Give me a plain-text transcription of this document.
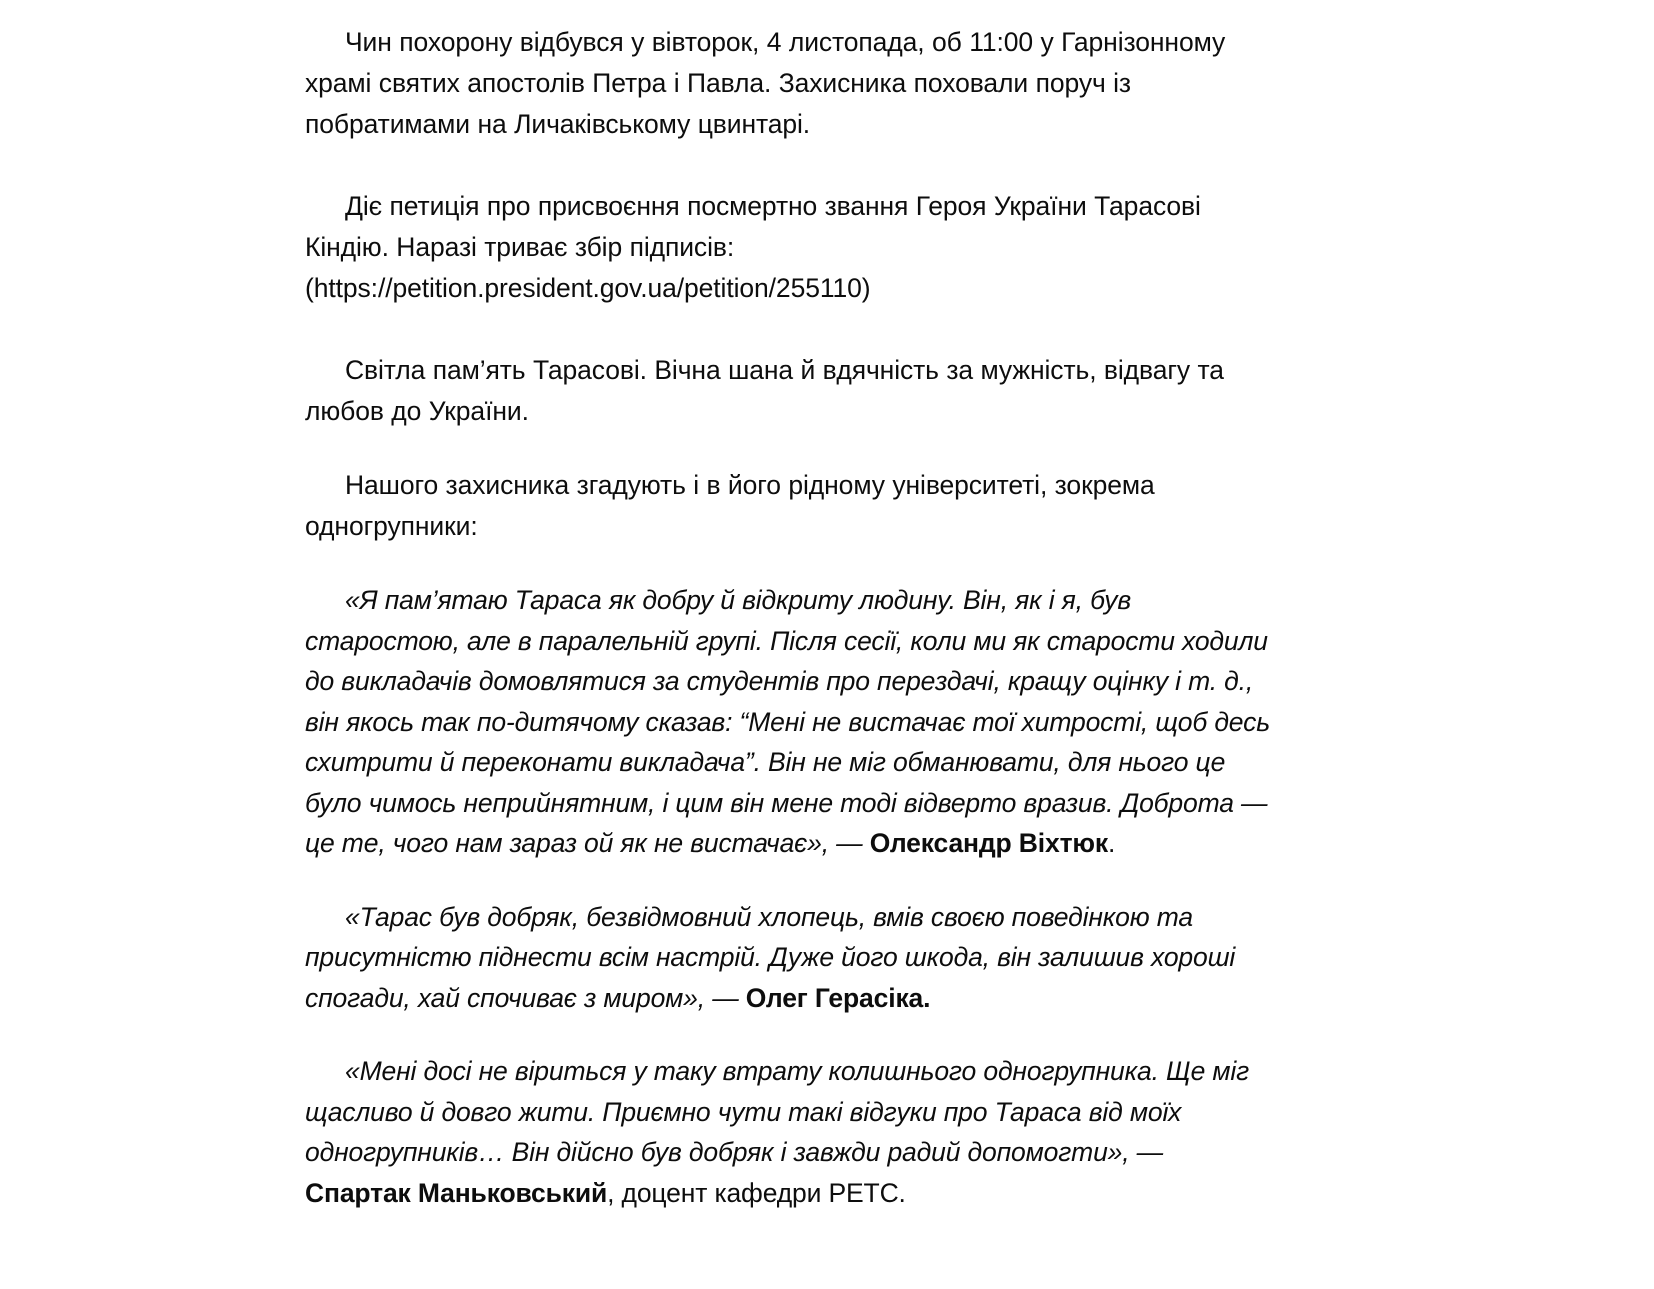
Чин похорону відбувся у вівторок, 4 листопада, об 11:00 у Гарнізонному храмі святих апостолів Петра і Павла. Захисника поховали поруч із побратимами на Личаківському цвинтарі.

Діє петиція про присвоєння посмертно звання Героя України Тарасові Кіндію. Наразі триває збір підписів: (https://petition.president.gov.ua/petition/255110)

Світла пам’ять Тарасові. Вічна шана й вдячність за мужність, відвагу та любов до України.

Нашого захисника згадують і в його рідному університеті, зокрема одногрупники:

«Я пам’ятаю Тараса як добру й відкриту людину. Він, як і я, був старостою, але в паралельній групі. Після сесії, коли ми як старости ходили до викладачів домовлятися за студентів про перездачі, кращу оцінку і т. д., він якось так по-дитячому сказав: “Мені не вистачає тої хитрості, щоб десь схитрити й переконати викладача”. Він не міг обманювати, для нього це було чимось неприйнятним, і цим він мене тоді відверто вразив. Доброта — це те, чого нам зараз ой як не вистачає», — Олександр Віхтюк.

«Тарас був добряк, безвідмовний хлопець, вмів своєю поведінкою та присутністю піднести всім настрій. Дуже його шкода, він залишив хороші спогади, хай спочиває з миром», — Олег Герасіка.

«Мені досі не віриться у таку втрату колишнього одногрупника. Ще міг щасливо й довго жити. Приємно чути такі відгуки про Тараса від моїх одногрупників… Він дійсно був добряк і завжди радий допомогти», — Спартак Маньковський, доцент кафедри РЕТС.
